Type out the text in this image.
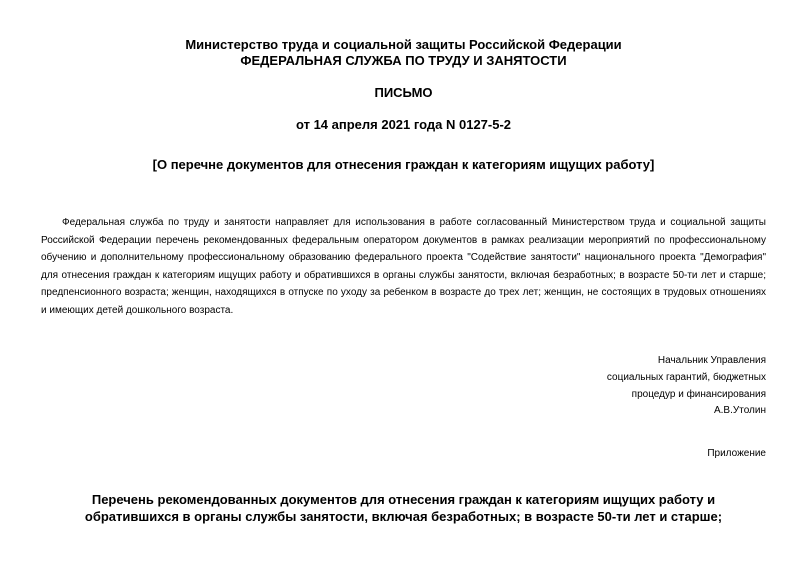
Министерство труда и социальной защиты Российской Федерации
ФЕДЕРАЛЬНАЯ СЛУЖБА ПО ТРУДУ И ЗАНЯТОСТИ
ПИСЬМО
от 14 апреля 2021 года N 0127-5-2
[О перечне документов для отнесения граждан к категориям ищущих работу]

Федеральная служба по труду и занятости направляет для использования в работе согласованный Министерством труда и социальной защиты Российской Федерации перечень рекомендованных федеральным оператором документов в рамках реализации мероприятий по профессиональному обучению и дополнительному профессиональному образованию федерального проекта "Содействие занятости" национального проекта "Демография" для отнесения граждан к категориям ищущих работу и обратившихся в органы службы занятости, включая безработных; в возрасте 50-ти лет и старше; предпенсионного возраста; женщин, находящихся в отпуске по уходу за ребенком в возрасте до трех лет; женщин, не состоящих в трудовых отношениях и имеющих детей дошкольного возраста.

Начальник Управления
социальных гарантий, бюджетных
процедур и финансирования
А.В.Утолин
Приложение
Перечень рекомендованных документов для отнесения граждан к категориям ищущих работу и
обратившихся в органы службы занятости, включая безработных; в возрасте 50-ти лет и старше;
